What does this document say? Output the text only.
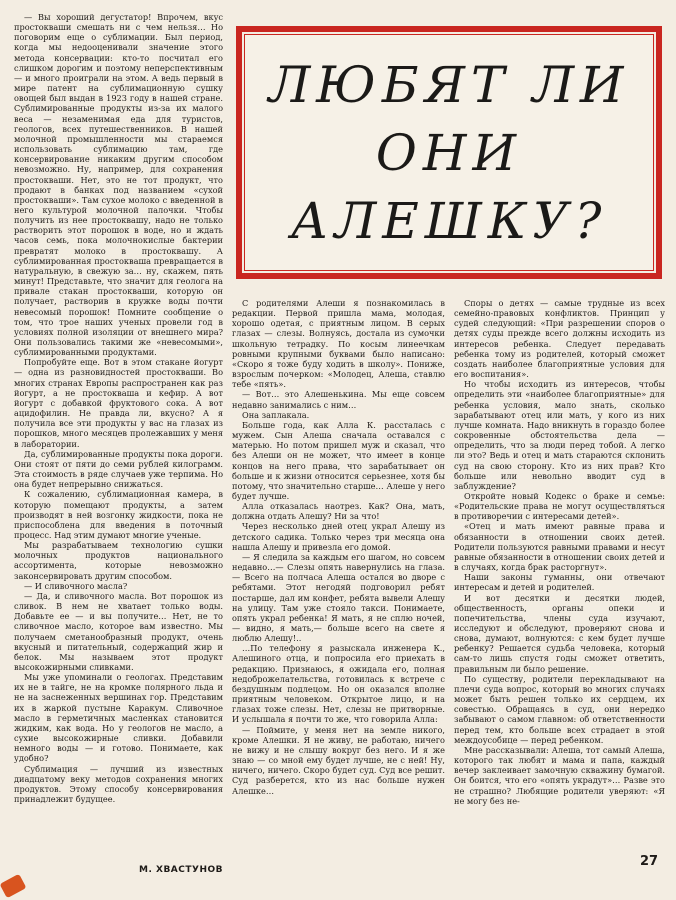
— Вы хороший дегустатор! Впрочем, вкус простокваши смешать ни с чем нельзя… Но поговорим еще о сублимации. Был период, когда мы недооценивали значение этого метода консервации: кто-то посчитал его слишком дорогим и поэтому неперспективным — и много проиграли на этом. А ведь первый в мире патент на сублимационную сушку овощей был выдан в 1923 году в нашей стране. Сублимированные продукты из-за их малого веса — незаменимая еда для туристов, геологов, всех путешественников. В нашей молочной промышленности мы стараемся использовать сублимацию там, где консервирование никаким другим способом невозможно. Ну, например, для сохранения простокваши. Нет, это не тот продукт, что продают в банках под названием «сухой простокваши». Там сухое молоко с введенной в него культурой молочной палочки. Чтобы получить из нее простоквашу, надо не только растворить этот порошок в воде, но и ждать часов семь, пока молочнокислые бактерии превратят молоко в простоквашу. А сублимированная простокваша превращается в натуральную, в свежую за… ну, скажем, пять минут! Представьте, что значит для геолога на привале стакан простокваши, которую он получает, растворив в кружке воды почти невесомый порошок! Помните сообщение о том, что трое наших ученых провели год в условиях полной изоляции от внешнего мира? Они пользовались такими же «невесомыми», сублимированными продуктами.

Попробуйте еще. Вот в этом стакане йогурт — одна из разновидностей простокваши. Во многих странах Европы распространен как раз йогурт, а не простокваша и кефир. А вот йогурт с добавкой фруктового сока. А вот ацидофилин. Не правда ли, вкусно? А я получила все эти продукты у вас на глазах из порошков, много месяцев пролежавших у меня в лаборатории.

Да, сублимированные продукты пока дороги. Они стоят от пяти до семи рублей килограмм. Эта стоимость в ряде случаев уже терпима. Но она будет непрерывно снижаться.

К сожалению, сублимационная камера, в которую помещают продукты, а затем производят в ней возгонку жидкости, пока не приспособлена для введения в поточный процесс. Над этим думают многие ученые.

Мы разрабатываем технологию сушки молочных продуктов национального ассортимента, которые невозможно законсервировать другим способом.

— И сливочного масла?

— Да, и сливочного масла. Вот порошок из сливок. В нем не хватает только воды. Добавьте ее — и вы получите… Нет, не то сливочное масло, которое вам известно. Мы получаем сметанообразный продукт, очень вкусный и питательный, содержащий жир и белок. Мы называем этот продукт высокожирными сливками.

Мы уже упоминали о геологах. Представим их не в тайге, не на кромке полярного льда и не на заснеженных вершинах гор. Представим их в жаркой пустыне Каракум. Сливочное масло в герметичных масленках становится жидким, как вода. Но у геологов не масло, а сухие высокожирные сливки. Добавили немного воды — и готово. Понимаете, как удобно?

Сублимация — лучший из известных диадцатому веку методов сохранения многих продуктов. Этому способу консервирования принадлежит будущее.

М. ХВАСТУНОВ
ЛЮБЯТ ЛИ
ОНИ
АЛЕШКУ?

С родителями Алеши я познакомилась в редакции. Первой пришла мама, молодая, хорошо одетая, с приятным лицом. В серых глазах — слезы. Волнуясь, достала из сумочки школьную тетрадку. По косым линеечкам ровными крупными буквами было написано: «Скоро я тоже буду ходить в школу». Пониже, взрослым почерком: «Молодец, Алеша, ставлю тебе «пять».

— Вот… это Алешенькина. Мы еще совсем недавно занимались с ним…

Она заплакала.

Больше года, как Алла К. рассталась с мужем. Сын Алеша сначала оставался с матерью. Но потом пришел муж и сказал, что без Алеши он не может, что имеет в конце концов на него права, что зарабатывает он больше и к жизни относится серьезнее, хотя бы потому, что значительно старше… Алеше у него будет лучше.

Алла отказалась наотрез. Как? Она, мать, должна отдать Алешу? Ни за что!

Через несколько дней отец украл Алешу из детского садика. Только через три месяца она нашла Алешу и привезла его домой.

— Я следила за каждым его шагом, но совсем недавно…— Слезы опять навернулись на глаза.— Всего на полчаса Алеша остался во дворе с ребятами. Этот негодяй подговорил ребят постарше, дал им конфет, ребята вывели Алешу на улицу. Там уже стояло такси. Понимаете, опять украл ребенка! Я мать, я не сплю ночей,— видно, я мать,— больше всего на свете я люблю Алешу!..

…По телефону я разыскала инженера К., Алешиного отца, и попросила его приехать в редакцию. Признаюсь, я ожидала его, полная недоброжелательства, готовилась к встрече с бездушным подлецом. Но он оказался вполне приятным человеком. Открытое лицо, и на глазах тоже слезы. Нет, слезы не притворные. И услышала я почти то же, что говорила Алла:

— Поймите, у меня нет на земле никого, кроме Алешки. Я не живу, не работаю, ничего не вижу и не слышу вокруг без него. И я же знаю — со мной ему будет лучше, не с ней! Ну, ничего, ничего. Скоро будет суд. Суд все решит. Суд разберется, кто из нас больше нужен Алешке…

Споры о детях — самые трудные из всех семейно-правовых конфликтов. Принцип у судей следующий: «При разрешении споров о детях суды прежде всего должны исходить из интересов ребенка. Следует передавать ребенка тому из родителей, который сможет создать наиболее благоприятные условия для его воспитания».

Но чтобы исходить из интересов, чтобы определить эти «наиболее благоприятные» для ребенка условия, мало знать, сколько зарабатывают отец или мать, у кого из них лучше комната. Надо вникнуть в гораздо более сокровенные обстоятельства дела — определить, что за люди перед тобой. А легко ли это? Ведь и отец и мать стараются склонить суд на свою сторону. Кто из них прав? Кто больше или невольно вводит суд в заблуждение?

Откройте новый Кодекс о браке и семье: «Родительские права не могут осуществляться в противоречии с интересами детей».

«Отец и мать имеют равные права и обязанности в отношении своих детей. Родители пользуются равными правами и несут равные обязанности в отношении своих детей и в случаях, когда брак расторгнут».

Наши законы гуманны, они отвечают интересам и детей и родителей.

И вот десятки и десятки людей, общественность, органы опеки и попечительства, члены суда изучают, исследуют и обследуют, проверяют снова и снова, думают, волнуются: с кем будет лучше ребенку? Решается судьба человека, который сам-то лишь спустя годы сможет ответить, правильным ли было решение.

По существу, родители перекладывают на плечи суда вопрос, который во многих случаях может быть решен только их сердцем, их совестью. Обращаясь в суд, они нередко забывают о самом главном: об ответственности перед тем, кто больше всех страдает в этой междоусобице — перед ребенком.

Мне рассказывали: Алеша, тот самый Алеша, которого так любят и мама и папа, каждый вечер заклеивает замочную скважину бумагой. Он боится, что его «опять украдут»… Разве это не страшно? Любящие родители уверяют: «Я не могу без не-

27
